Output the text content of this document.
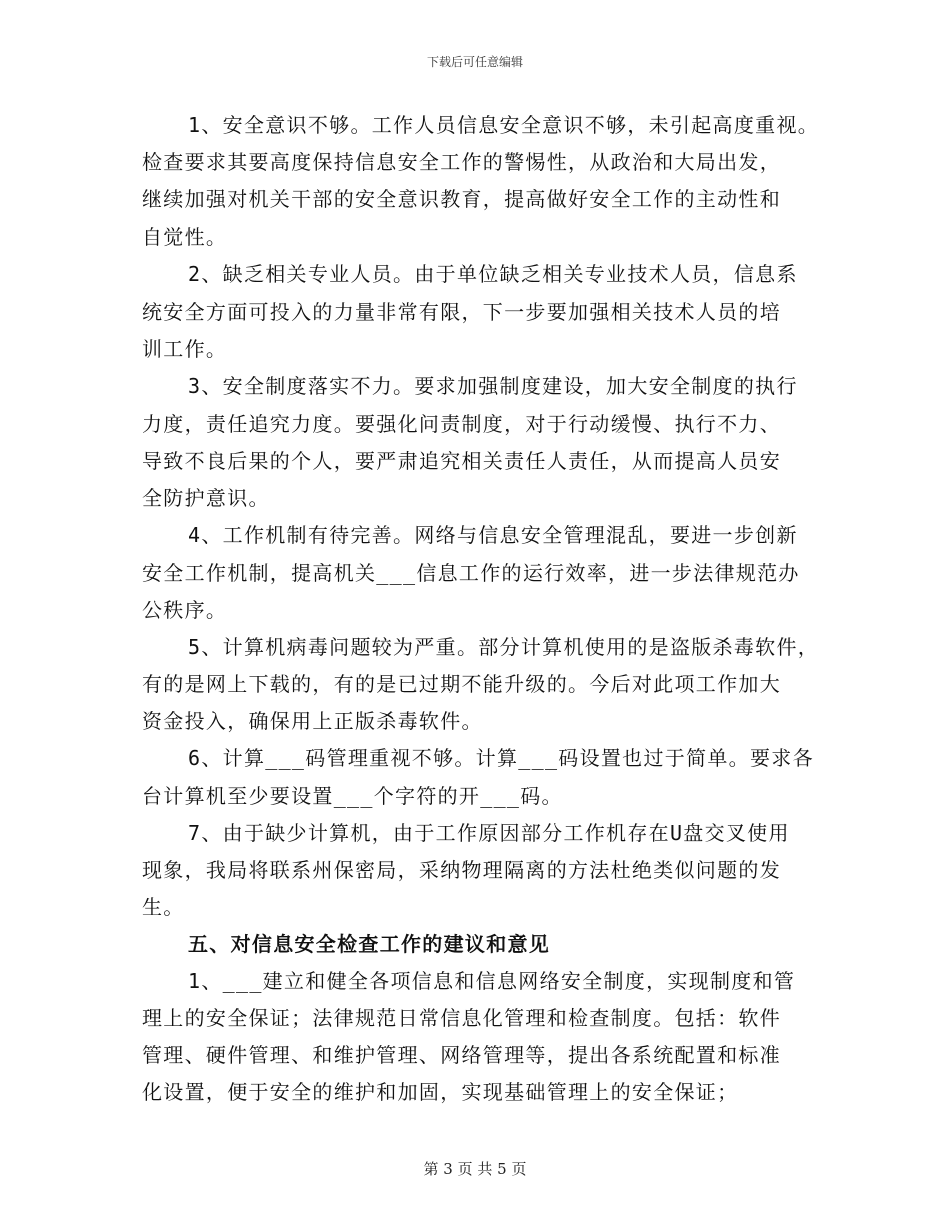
下载后可任意编辑
1、安全意识不够。工作人员信息安全意识不够，未引起高度重视。
检查要求其要高度保持信息安全工作的警惕性，从政治和大局出发，
继续加强对机关干部的安全意识教育，提高做好安全工作的主动性和
自觉性。
2、缺乏相关专业人员。由于单位缺乏相关专业技术人员，信息系
统安全方面可投入的力量非常有限，下一步要加强相关技术人员的培
训工作。
3、安全制度落实不力。要求加强制度建设，加大安全制度的执行
力度，责任追究力度。要强化问责制度，对于行动缓慢、执行不力、
导致不良后果的个人，要严肃追究相关责任人责任，从而提高人员安
全防护意识。
4、工作机制有待完善。网络与信息安全管理混乱，要进一步创新
安全工作机制，提高机关___信息工作的运行效率，进一步法律规范办
公秩序。
5、计算机病毒问题较为严重。部分计算机使用的是盗版杀毒软件，
有的是网上下载的，有的是已过期不能升级的。今后对此项工作加大
资金投入，确保用上正版杀毒软件。
6、计算___码管理重视不够。计算___码设置也过于简单。要求各
台计算机至少要设置___个字符的开___码。
7、由于缺少计算机，由于工作原因部分工作机存在U盘交叉使用
现象，我局将联系州保密局，采纳物理隔离的方法杜绝类似问题的发
生。
五、对信息安全检查工作的建议和意见
1、___建立和健全各项信息和信息网络安全制度，实现制度和管
理上的安全保证；法律规范日常信息化管理和检查制度。包括：软件
管理、硬件管理、和维护管理、网络管理等，提出各系统配置和标准
化设置，便于安全的维护和加固，实现基础管理上的安全保证；
第 3 页 共 5 页
